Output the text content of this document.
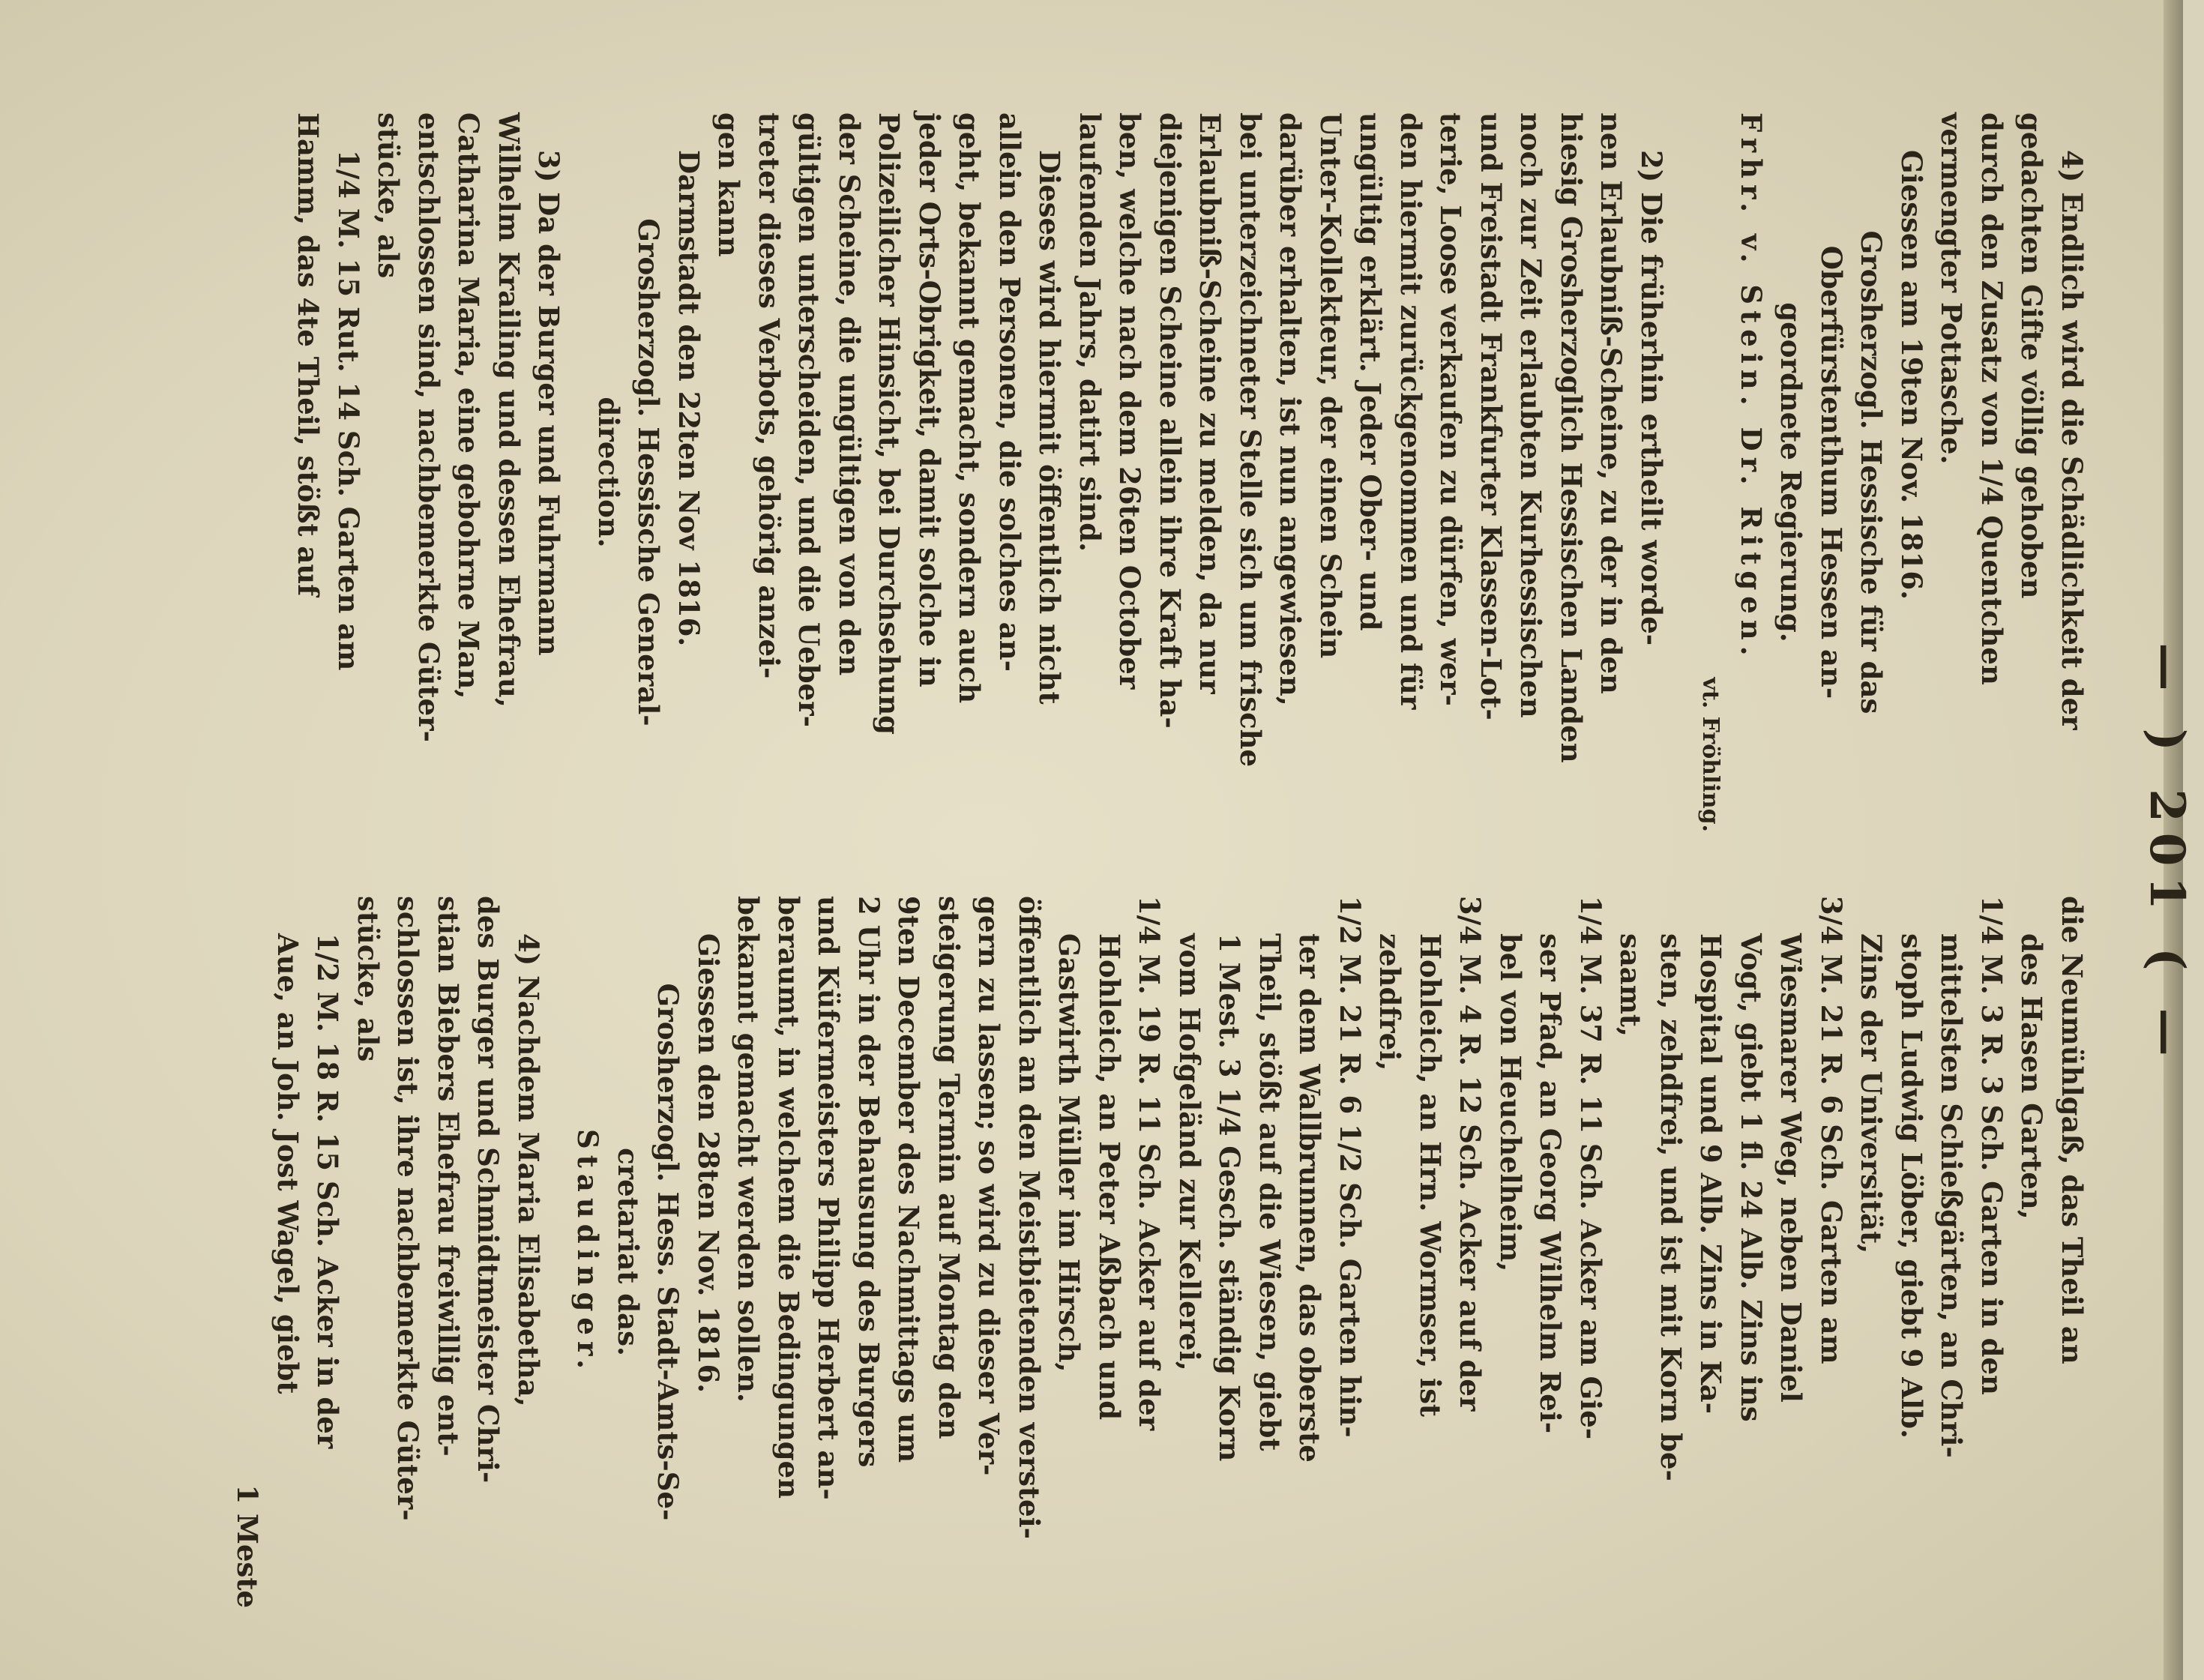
— ) 201 ( —

4) Endlich wird die Schädlichkeit der

gedachten Gifte völlig gehoben

durch den Zusatz von 1/4 Quentchen

vermengter Pottasche.

Giessen am 19ten Nov. 1816.

Grosherzogl. Hessische für das

Oberfürstenthum Hessen an-

geordnete Regierung.

Frhr. v. Stein. Dr. Ritgen.

vt. Fröhling.

2) Die früherhin ertheilt worde-

nen Erlaubniß-Scheine, zu der in den

hiesig Grosherzoglich Hessischen Landen

noch zur Zeit erlaubten Kurhessischen

und Freistadt Frankfurter Klassen-Lot-

terie, Loose verkaufen zu dürfen, wer-

den hiermit zurückgenommen und für

ungültig erklärt. Jeder Ober- und

Unter-Kollekteur, der einen Schein

darüber erhalten, ist nun angewiesen,

bei unterzeichneter Stelle sich um frische

Erlaubniß-Scheine zu melden, da nur

diejenigen Scheine allein ihre Kraft ha-

ben, welche nach dem 26ten October

laufenden Jahrs, datirt sind.

Dieses wird hiermit öffentlich nicht

allein den Personen, die solches an-

geht, bekannt gemacht, sondern auch

jeder Orts-Obrigkeit, damit solche in

Polizeilicher Hinsicht, bei Durchsehung

der Scheine, die ungültigen von den

gültigen unterscheiden, und die Ueber-

treter dieses Verbots, gehörig anzei-

gen kann

Darmstadt den 22ten Nov 1816.

Grosherzogl. Hessische General-

direction.

3) Da der Burger und Fuhrmann

Wilhelm Krailing und dessen Ehefrau,

Catharina Maria, eine gebohrne Man,

entschlossen sind, nachbemerkte Güter-

stücke, als

1/4 M. 15 Rut. 14 Sch. Garten am

Hamm, das 4te Theil, stößt auf

die Neumühlgaß, das Theil an

des Hasen Garten,

1/4 M. 3 R. 3 Sch. Garten in den

mittelsten Schießgärten, an Chri-

stoph Ludwig Löber, giebt 9 Alb.

Zins der Universität,

3/4 M. 21 R. 6 Sch. Garten am

Wiesmarer Weg, neben Daniel

Vogt, giebt 1 fl. 24 Alb. Zins ins

Hospital und 9 Alb. Zins in Ka-

sten, zehdfrei, und ist mit Korn be-

saamt,

1/4 M. 37 R. 11 Sch. Acker am Gie-

ser Pfad, an Georg Wilhelm Rei-

bel von Heuchelheim,

3/4 M. 4 R. 12 Sch. Acker auf der

Hohleich, an Hrn. Wormser, ist

zehdfrei,

1/2 M. 21 R. 6 1/2 Sch. Garten hin-

ter dem Wallbrunnen, das oberste

Theil, stößt auf die Wiesen, giebt

1 Mest. 3 1/4 Gesch. ständig Korn

vom Hofgeländ zur Kellerei,

1/4 M. 19 R. 11 Sch. Acker auf der

Hohleich, an Peter Aßbach und

Gastwirth Müller im Hirsch,

öffentlich an den Meistbietenden verstei-

gern zu lassen; so wird zu dieser Ver-

steigerung Termin auf Montag den

9ten December des Nachmittags um

2 Uhr in der Behausung des Burgers

und Küfermeisters Philipp Herbert an-

beraumt, in welchem die Bedingungen

bekannt gemacht werden sollen.

Giessen den 28ten Nov. 1816.

Grosherzogl. Hess. Stadt-Amts-Se-

cretariat das.

Staudinger.

4) Nachdem Maria Elisabetha,

des Burger und Schmidtmeister Chri-

stian Biebers Ehefrau freiwillig ent-

schlossen ist, ihre nachbemerkte Güter-

stücke, als

1/2 M. 18 R. 15 Sch. Acker in der

Aue, an Joh. Jost Wagel, giebt

1 Meste
